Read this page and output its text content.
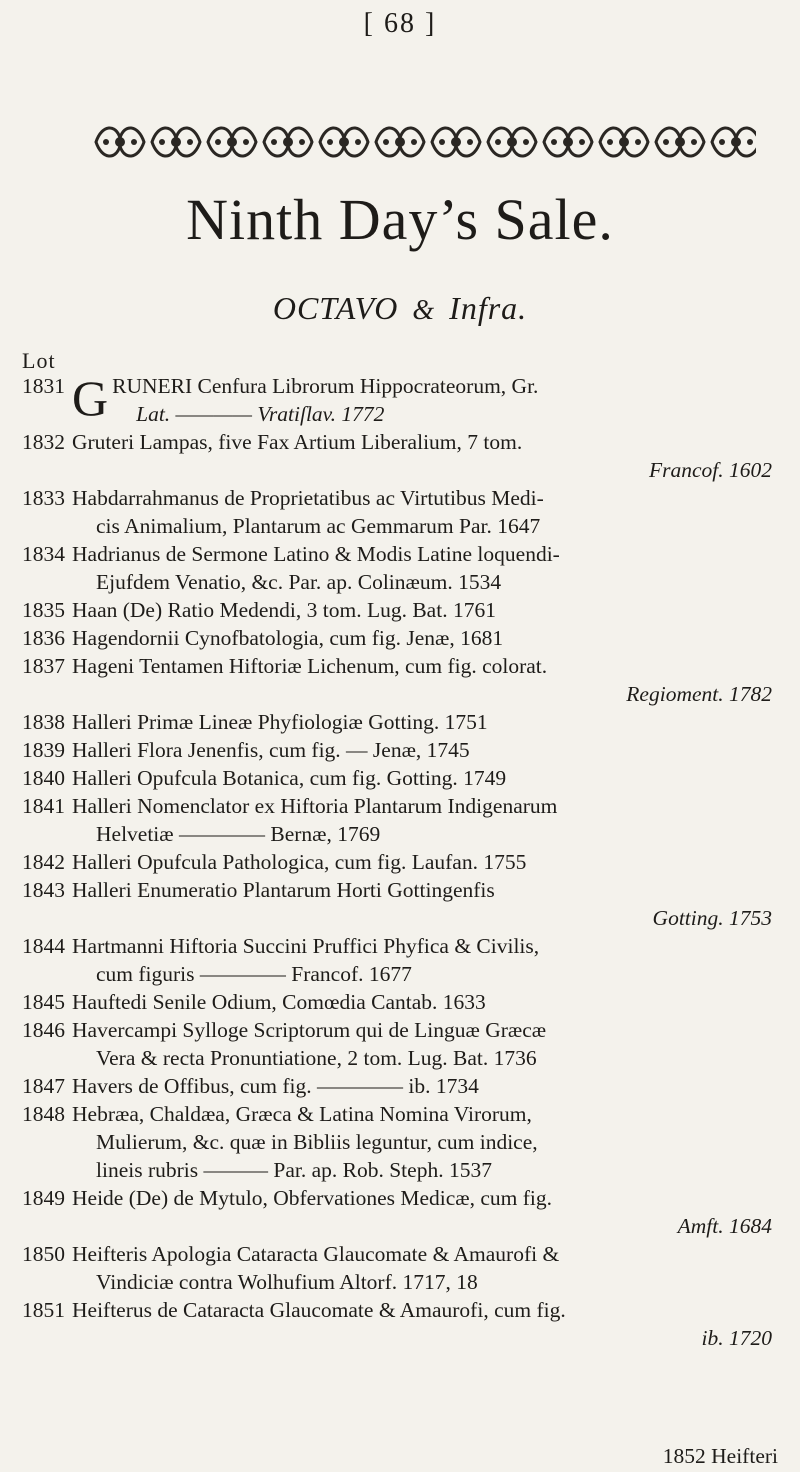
[ 68 ]
Ninth Day’s Sale.
OCTAVO & Infra.
Lot
1831 G RUNERI Cenfura Librorum Hippocrateorum, Gr.
Lat. ———— Vratiſlav. 1772
1832 Gruteri Lampas, five Fax Artium Liberalium, 7 tom.
Francof. 1602
1833 Habdarrahmanus de Proprietatibus ac Virtutibus Medi-
cis Animalium, Plantarum ac Gemmarum Par. 1647
1834 Hadrianus de Sermone Latino & Modis Latine loquendi-
Ejufdem Venatio, &c. Par. ap. Colinæum. 1534
1835 Haan (De) Ratio Medendi, 3 tom. Lug. Bat. 1761
1836 Hagendornii Cynofbatologia, cum fig. Jenæ, 1681
1837 Hageni Tentamen Hiftoriæ Lichenum, cum fig. colorat.
Regioment. 1782
1838 Halleri Primæ Lineæ Phyfiologiæ Gotting. 1751
1839 Halleri Flora Jenenfis, cum fig. — Jenæ, 1745
1840 Halleri Opufcula Botanica, cum fig. Gotting. 1749
1841 Halleri Nomenclator ex Hiftoria Plantarum Indigenarum
Helvetiæ ———— Bernæ, 1769
1842 Halleri Opufcula Pathologica, cum fig. Laufan. 1755
1843 Halleri Enumeratio Plantarum Horti Gottingenfis
Gotting. 1753
1844 Hartmanni Hiftoria Succini Pruffici Phyfica & Civilis,
cum figuris ———— Francof. 1677
1845 Hauftedi Senile Odium, Comœdia Cantab. 1633
1846 Havercampi Sylloge Scriptorum qui de Linguæ Græcæ
Vera & recta Pronuntiatione, 2 tom. Lug. Bat. 1736
1847 Havers de Offibus, cum fig. ———— ib. 1734
1848 Hebræa, Chaldæa, Græca & Latina Nomina Virorum,
Mulierum, &c. quæ in Bibliis leguntur, cum indice,
lineis rubris ——— Par. ap. Rob. Steph. 1537
1849 Heide (De) de Mytulo, Obfervationes Medicæ, cum fig.
Amft. 1684
1850 Heifteris Apologia Cataracta Glaucomate & Amaurofi &
Vindiciæ contra Wolhufium Altorf. 1717, 18
1851 Heifterus de Cataracta Glaucomate & Amaurofi, cum fig.
ib. 1720
1852 Heifteri
